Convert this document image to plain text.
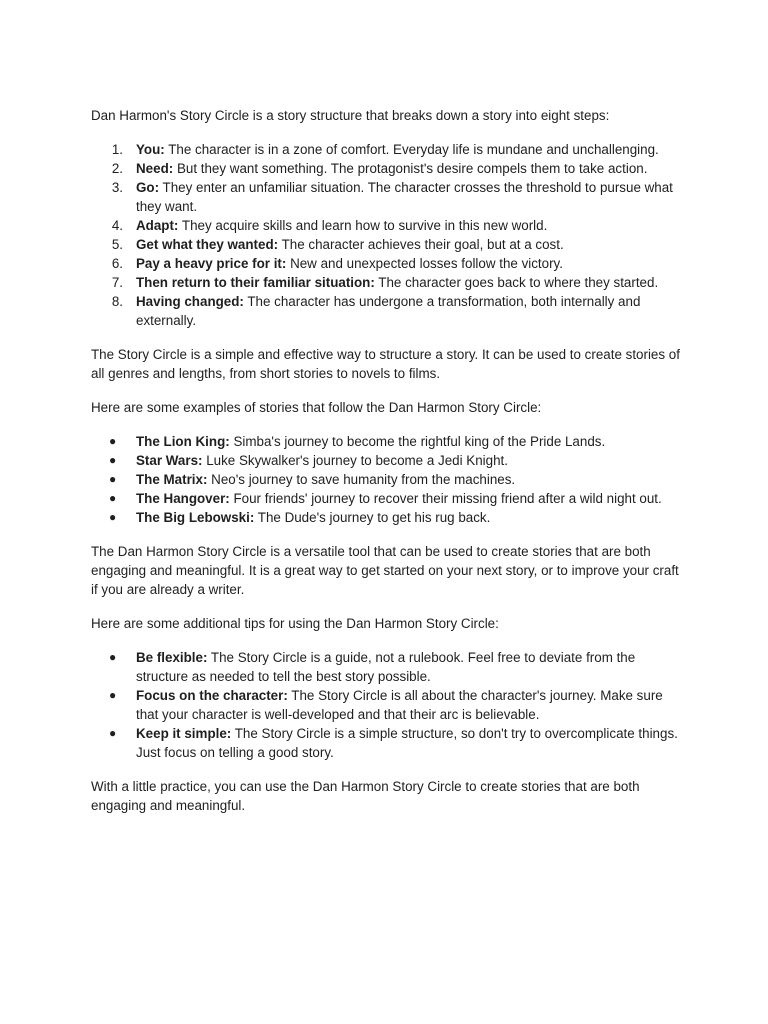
Dan Harmon's Story Circle is a story structure that breaks down a story into eight steps:

1. You: The character is in a zone of comfort. Everyday life is mundane and unchallenging.
2. Need: But they want something. The protagonist's desire compels them to take action.
3. Go: They enter an unfamiliar situation. The character crosses the threshold to pursue what they want.
4. Adapt: They acquire skills and learn how to survive in this new world.
5. Get what they wanted: The character achieves their goal, but at a cost.
6. Pay a heavy price for it: New and unexpected losses follow the victory.
7. Then return to their familiar situation: The character goes back to where they started.
8. Having changed: The character has undergone a transformation, both internally and externally.

The Story Circle is a simple and effective way to structure a story. It can be used to create stories of all genres and lengths, from short stories to novels to films.

Here are some examples of stories that follow the Dan Harmon Story Circle:

●	The Lion King: Simba's journey to become the rightful king of the Pride Lands.
●	Star Wars: Luke Skywalker's journey to become a Jedi Knight.
●	The Matrix: Neo's journey to save humanity from the machines.
●	The Hangover: Four friends' journey to recover their missing friend after a wild night out.
●	The Big Lebowski: The Dude's journey to get his rug back.

The Dan Harmon Story Circle is a versatile tool that can be used to create stories that are both engaging and meaningful. It is a great way to get started on your next story, or to improve your craft if you are already a writer.

Here are some additional tips for using the Dan Harmon Story Circle:

●	Be flexible: The Story Circle is a guide, not a rulebook. Feel free to deviate from the structure as needed to tell the best story possible.
●	Focus on the character: The Story Circle is all about the character's journey. Make sure that your character is well-developed and that their arc is believable.
●	Keep it simple: The Story Circle is a simple structure, so don't try to overcomplicate things. Just focus on telling a good story.

With a little practice, you can use the Dan Harmon Story Circle to create stories that are both engaging and meaningful.
